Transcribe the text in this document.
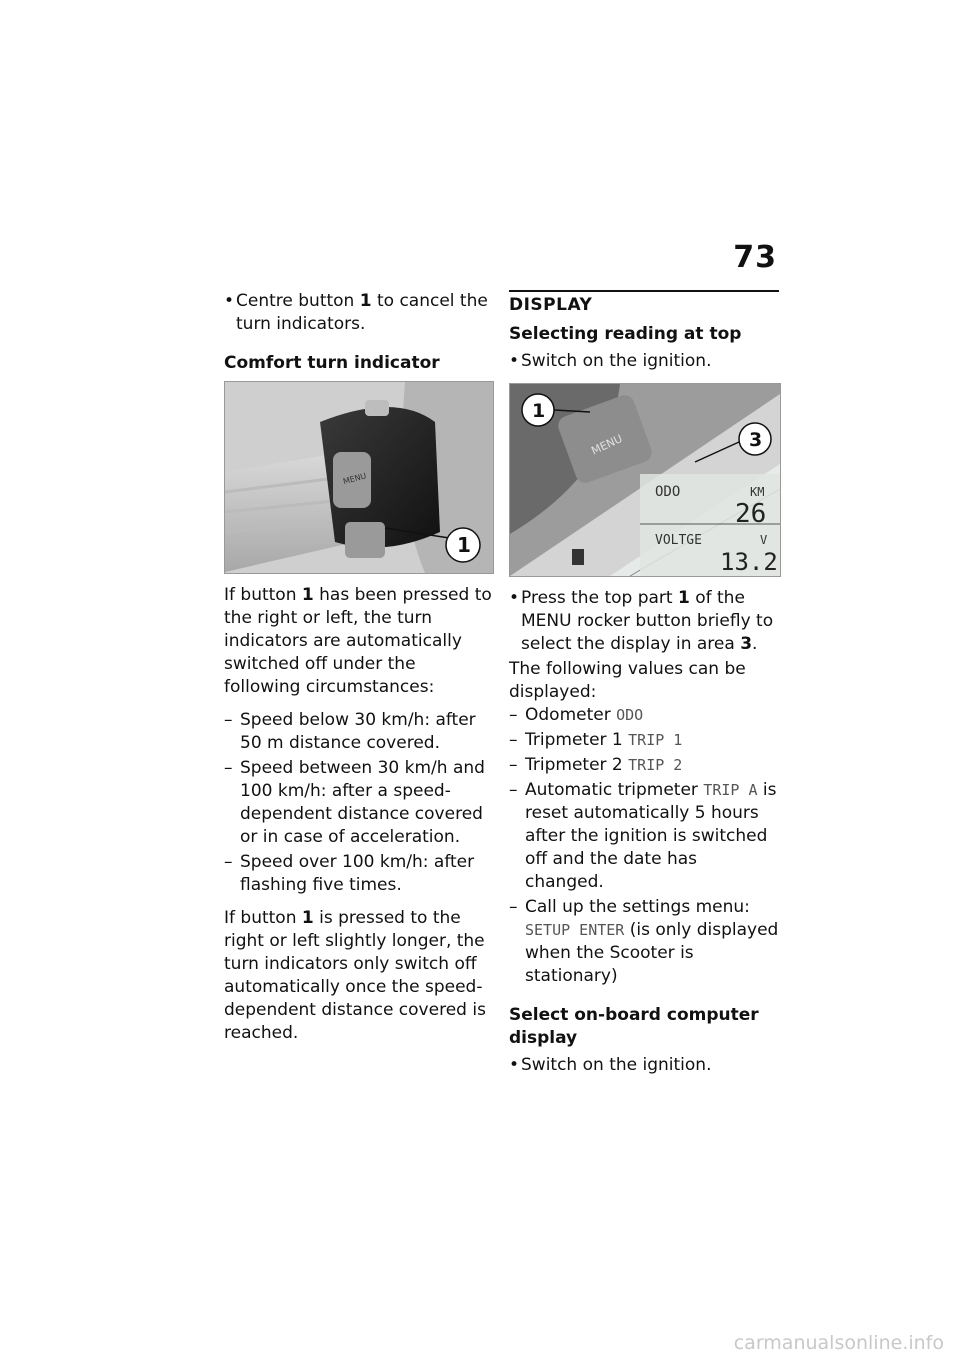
73
• Centre button 1 to cancel the turn indicators.
Comfort turn indicator
MENU
1

If button 1 has been pressed to the right or left, the turn indicators are automatically switched off under the following circumstances:

– Speed below 30 km/h: after 50 m distance covered.
– Speed between 30 km/h and 100 km/h: after a speed-dependent distance covered or in case of acceleration.
– Speed over 100 km/h: after flashing five times.

If button 1 is pressed to the right or left slightly longer, the turn indicators only switch off automatically once the speed-dependent distance covered is reached.

DISPLAY
Selecting reading at top
• Switch on the ignition.
MENU
ODO	KM
26
VOLTGE	V
13.2
1
3
• Press the top part 1 of the MENU rocker button briefly to select the display in area 3.

The following values can be displayed:

– Odometer ODO
– Tripmeter 1 TRIP 1
– Tripmeter 2 TRIP 2
– Automatic tripmeter TRIP A is reset automatically 5 hours after the ignition is switched off and the date has changed.
– Call up the settings menu: SETUP ENTER (is only displayed when the Scooter is stationary)
Select on-board computer display
• Switch on the ignition.
carmanualsonline.info
